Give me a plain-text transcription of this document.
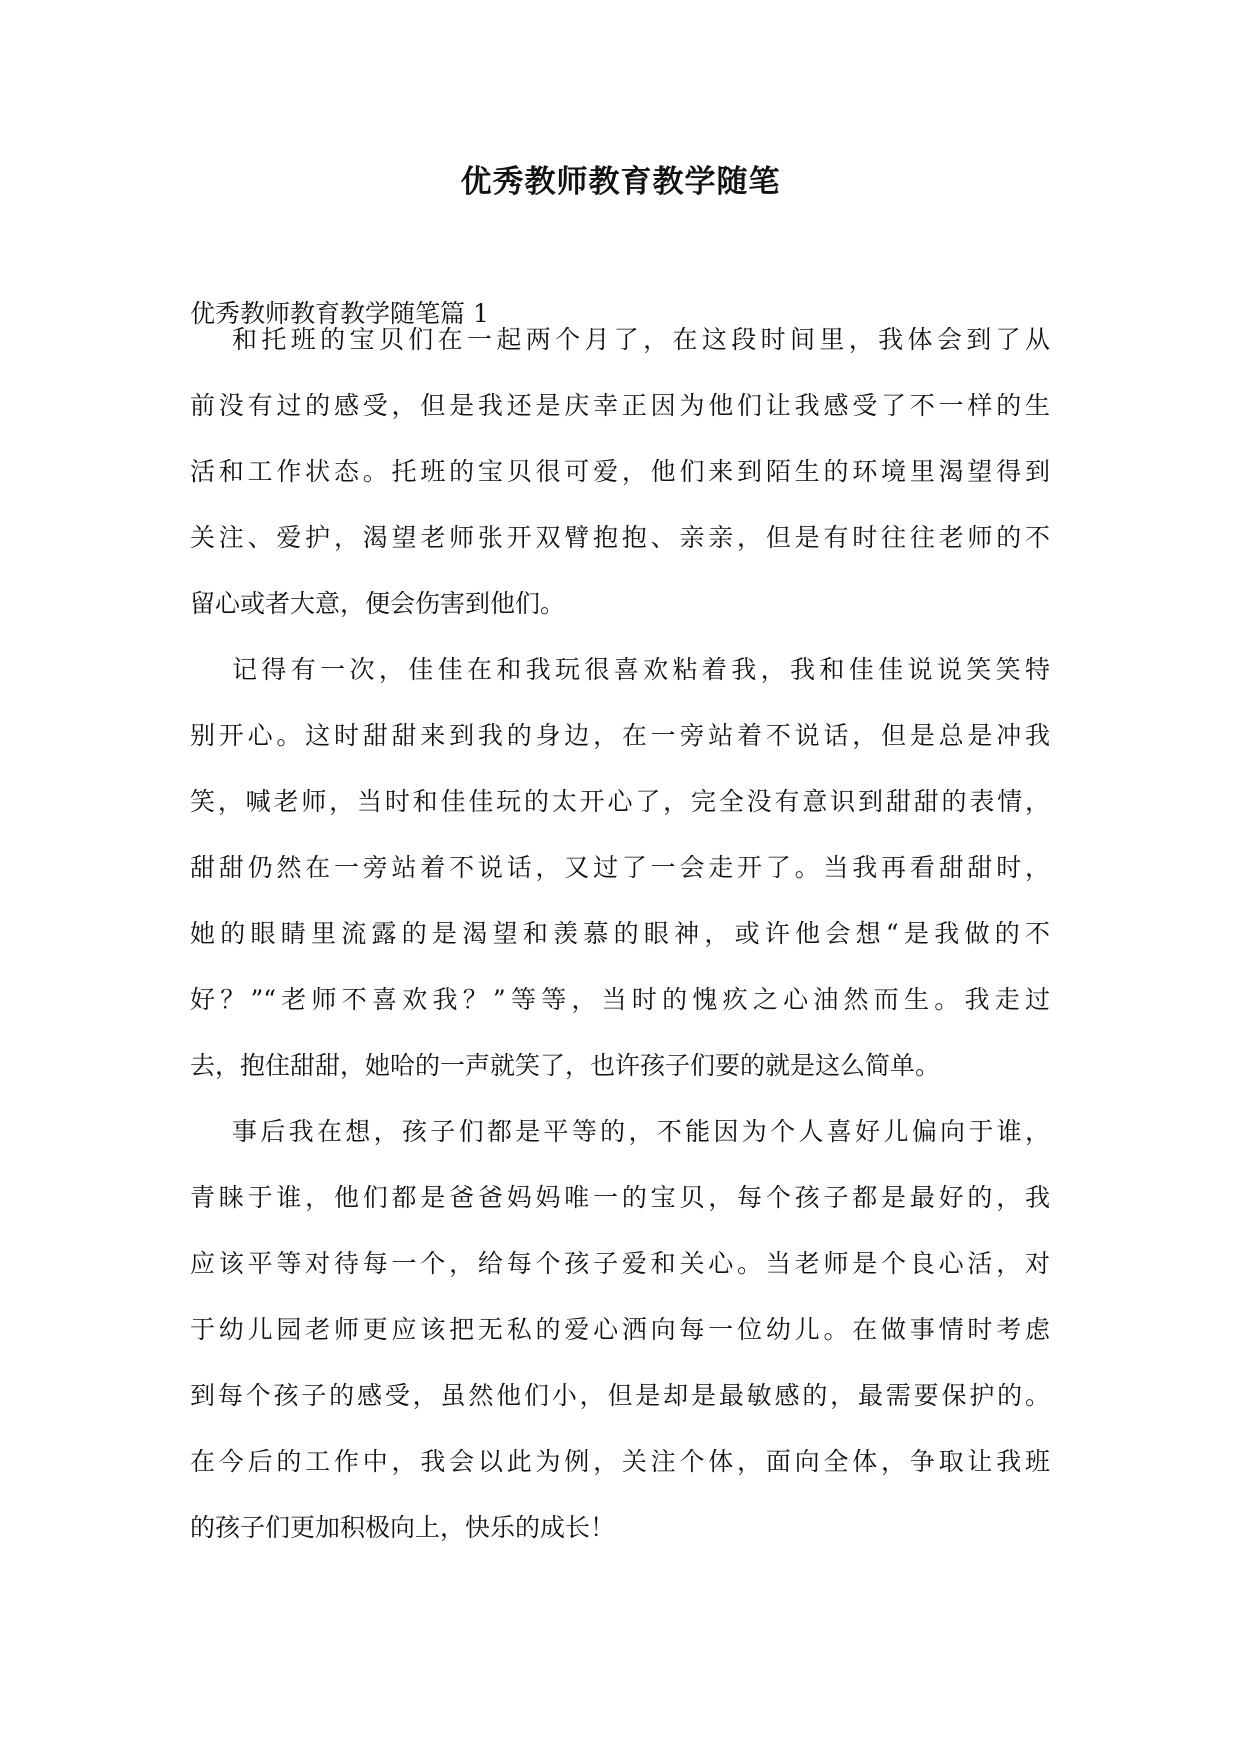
优秀教师教育教学随笔
优秀教师教育教学随笔篇 1
和托班的宝贝们在一起两个月了，在这段时间里，我体会到了从
前没有过的感受，但是我还是庆幸正因为他们让我感受了不一样的生
活和工作状态。托班的宝贝很可爱，他们来到陌生的环境里渴望得到
关注、爱护，渴望老师张开双臂抱抱、亲亲，但是有时往往老师的不
留心或者大意，便会伤害到他们。
记得有一次，佳佳在和我玩很喜欢粘着我，我和佳佳说说笑笑特
别开心。这时甜甜来到我的身边，在一旁站着不说话，但是总是冲我
笑，喊老师，当时和佳佳玩的太开心了，完全没有意识到甜甜的表情，
甜甜仍然在一旁站着不说话，又过了一会走开了。当我再看甜甜时，
她的眼睛里流露的是渴望和羡慕的眼神，或许他会想“是我做的不
好？”“老师不喜欢我？”等等，当时的愧疚之心油然而生。我走过
去，抱住甜甜，她哈的一声就笑了，也许孩子们要的就是这么简单。
事后我在想，孩子们都是平等的，不能因为个人喜好儿偏向于谁，
青睐于谁，他们都是爸爸妈妈唯一的宝贝，每个孩子都是最好的，我
应该平等对待每一个，给每个孩子爱和关心。当老师是个良心活，对
于幼儿园老师更应该把无私的爱心洒向每一位幼儿。在做事情时考虑
到每个孩子的感受，虽然他们小，但是却是最敏感的，最需要保护的。
在今后的工作中，我会以此为例，关注个体，面向全体，争取让我班
的孩子们更加积极向上，快乐的成长！
